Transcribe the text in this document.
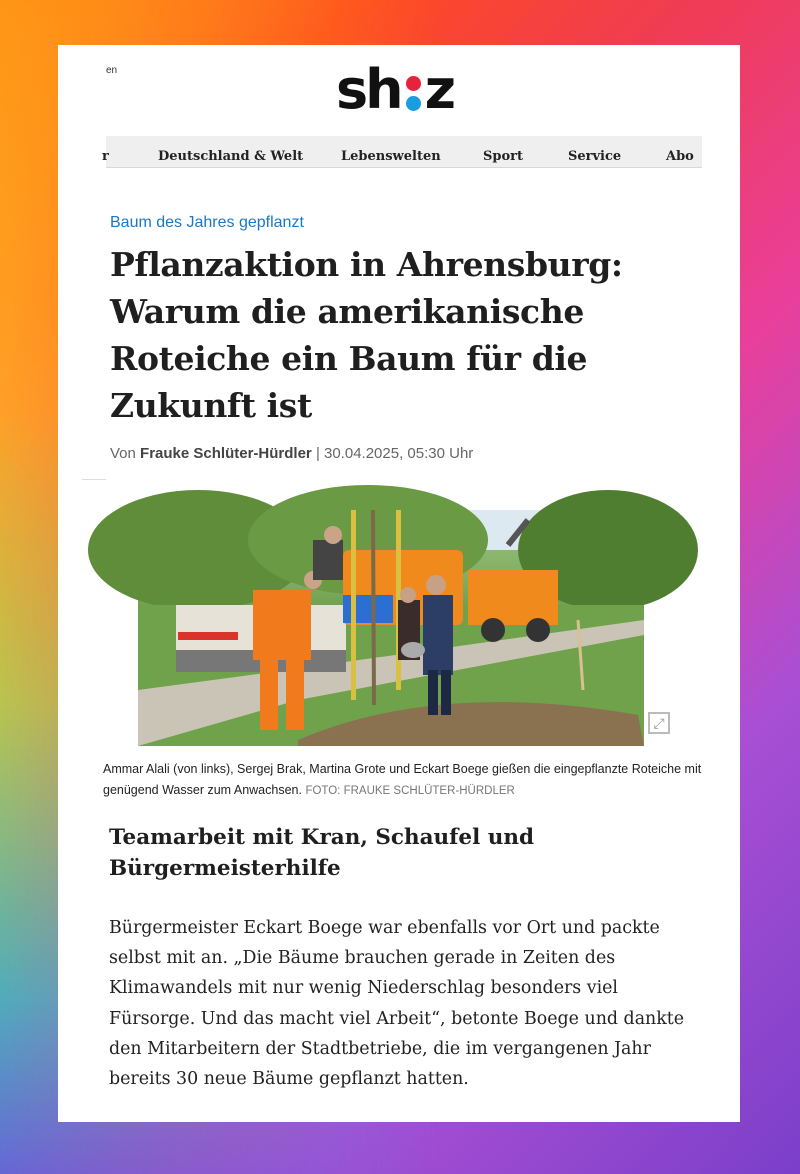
en	sh z
r	Deutschland & Welt	Lebenswelten	Sport	Service	Abo
Baum des Jahres gepflanzt
Pflanzaktion in Ahrensburg: Warum die amerikanische Roteiche ein Baum für die Zukunft ist
Von Frauke Schlüter-Hürdler | 30.04.2025, 05:30 Uhr
⤢
Ammar Alali (von links), Sergej Brak, Martina Grote und Eckart Boege gießen die eingepflanzte Roteiche mit genügend Wasser zum Anwachsen. FOTO: FRAUKE SCHLÜTER-HÜRDLER
Teamarbeit mit Kran, Schaufel und Bürgermeisterhilfe

Bürgermeister Eckart Boege war ebenfalls vor Ort und packte selbst mit an. „Die Bäume brauchen gerade in Zeiten des Klimawandels mit nur wenig Niederschlag besonders viel Fürsorge. Und das macht viel Arbeit“, betonte Boege und dankte den Mitarbeitern der Stadtbetriebe, die im vergangenen Jahr bereits 30 neue Bäume gepflanzt hatten.
